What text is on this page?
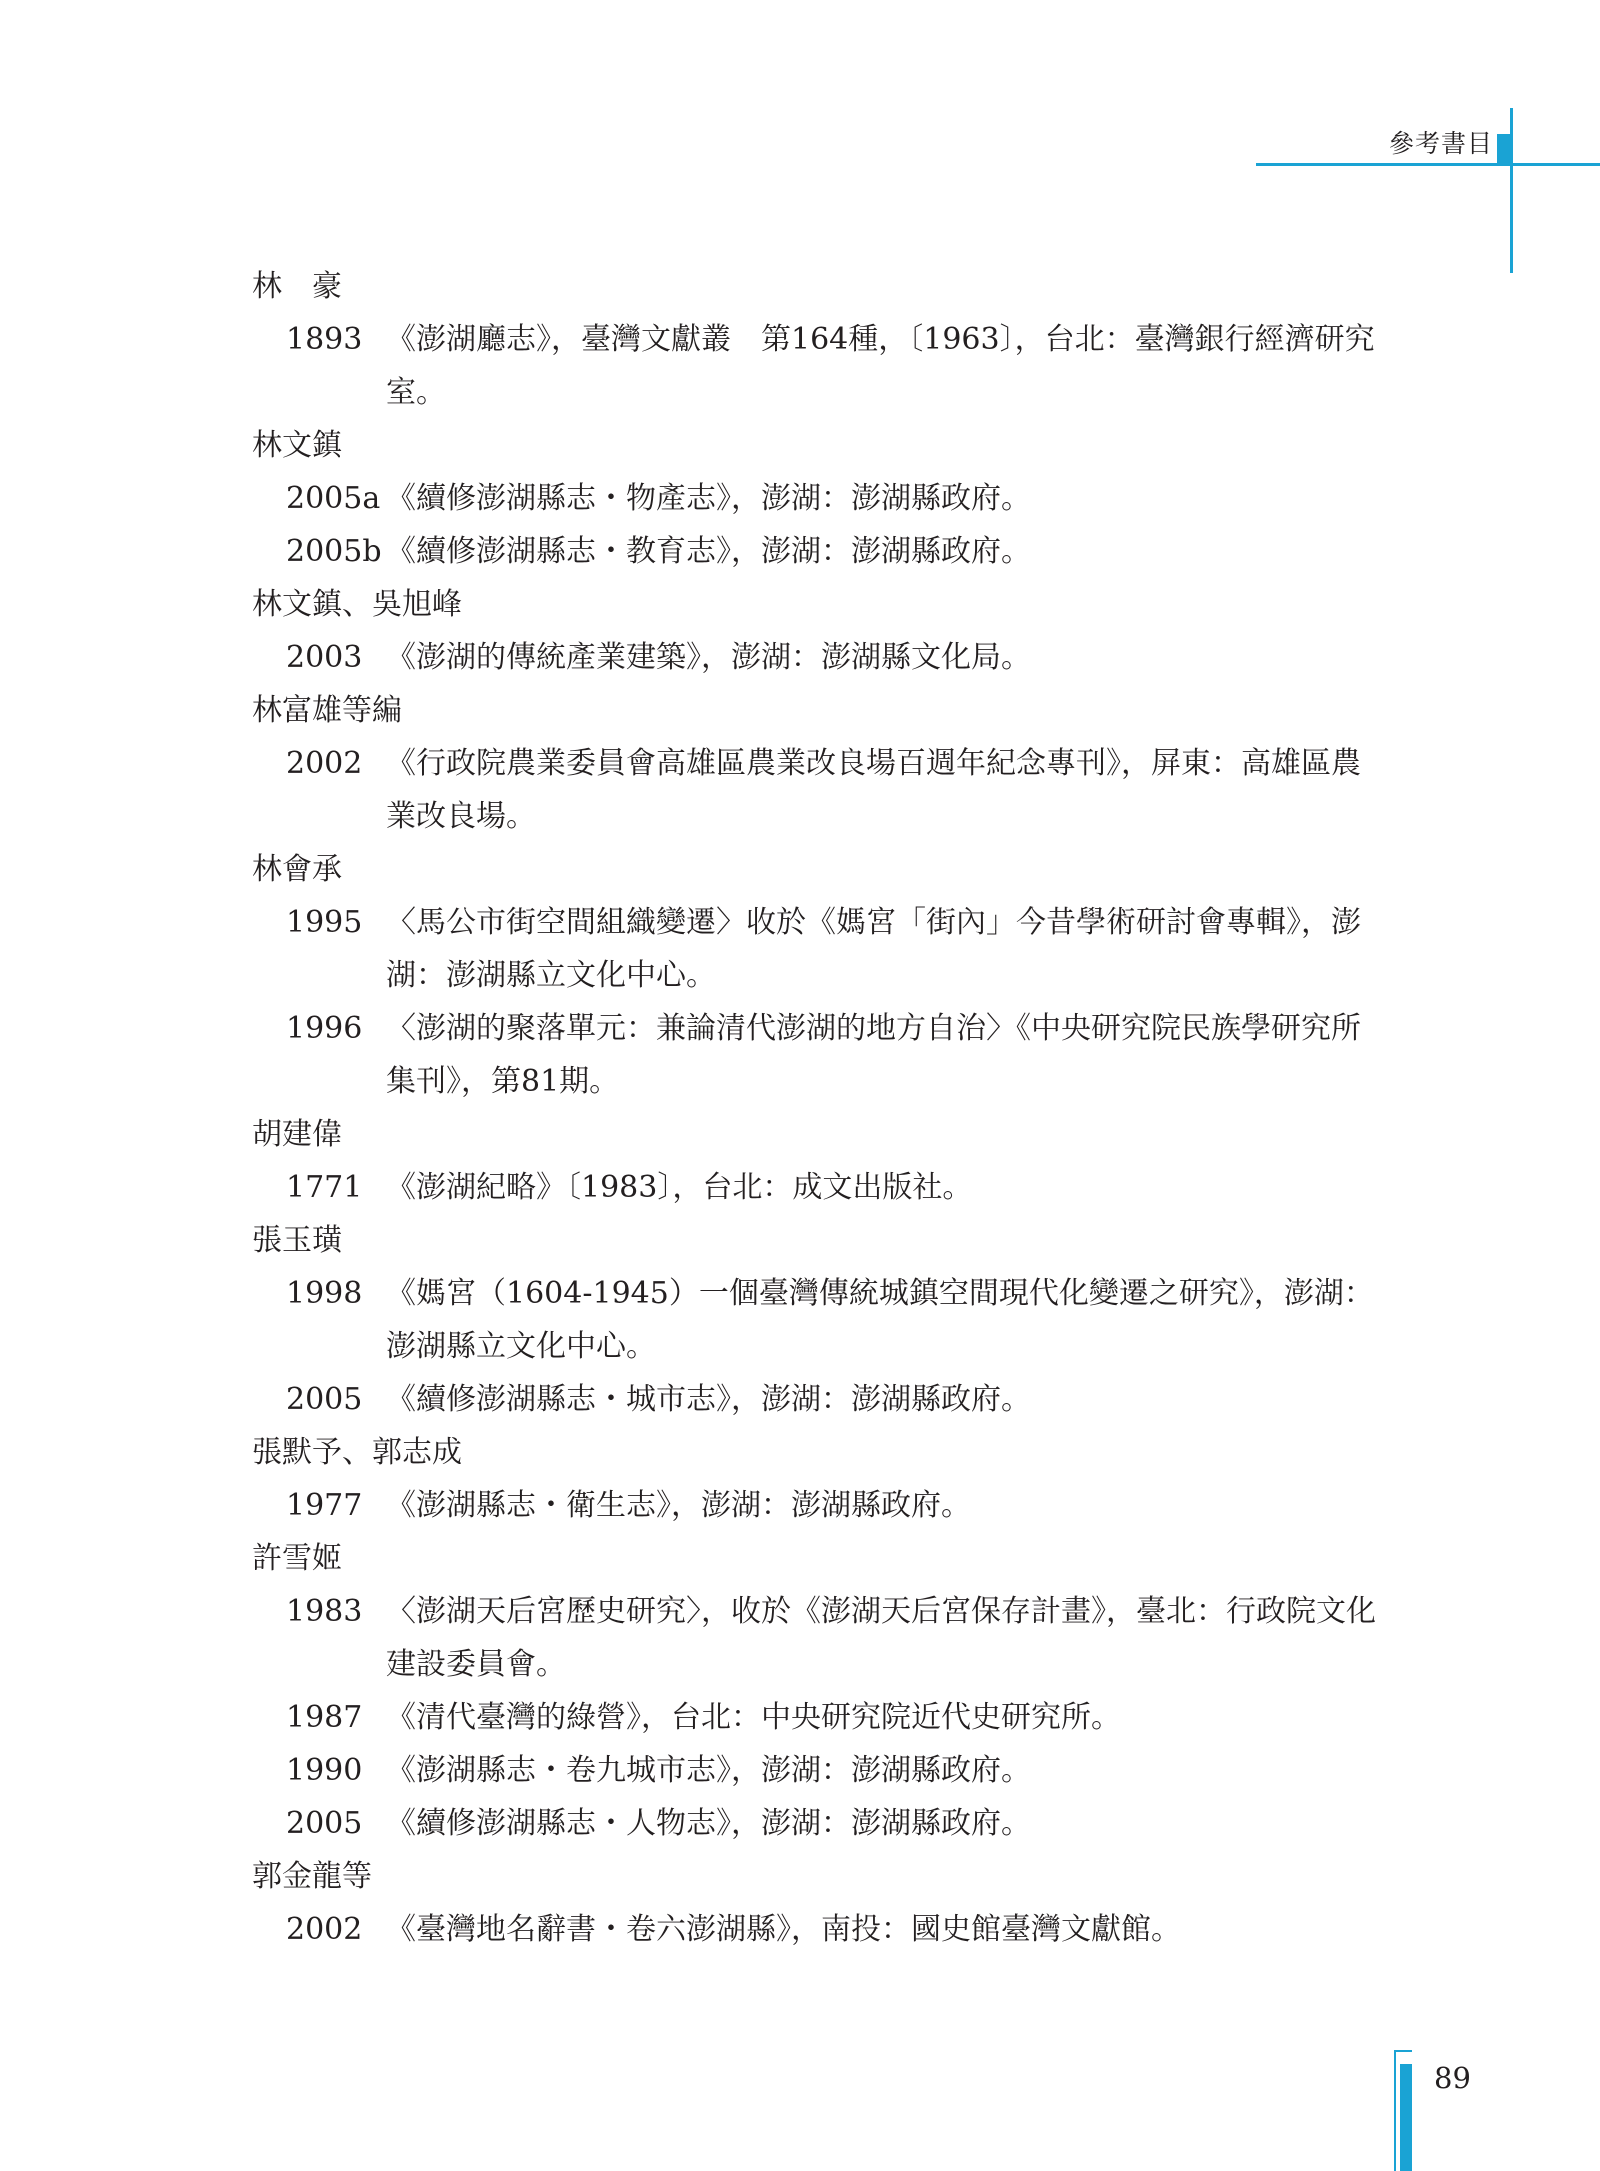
參考書目
林　豪
1893 《澎湖廳志》，臺灣文獻叢　第164種，〔1963〕，台北：臺灣銀行經濟研究室。
林文鎮
2005a 《續修澎湖縣志・物產志》，澎湖：澎湖縣政府。
2005b 《續修澎湖縣志・教育志》，澎湖：澎湖縣政府。
林文鎮、吳旭峰
2003 《澎湖的傳統產業建築》，澎湖：澎湖縣文化局。
林富雄等編
2002 《行政院農業委員會高雄區農業改良場百週年紀念專刊》，屏東：高雄區農業改良場。
林會承
1995 〈馬公市街空間組織變遷〉收於《媽宮「街內」今昔學術研討會專輯》，澎湖：澎湖縣立文化中心。
1996 〈澎湖的聚落單元：兼論清代澎湖的地方自治〉《中央研究院民族學研究所集刊》，第81期。
胡建偉
1771 《澎湖紀略》〔1983〕，台北：成文出版社。
張玉璜
1998 《媽宮（1604-1945）一個臺灣傳統城鎮空間現代化變遷之研究》，澎湖：澎湖縣立文化中心。
2005 《續修澎湖縣志・城市志》，澎湖：澎湖縣政府。
張默予、郭志成
1977 《澎湖縣志・衛生志》，澎湖：澎湖縣政府。
許雪姬
1983 〈澎湖天后宮歷史研究〉，收於《澎湖天后宮保存計畫》，臺北：行政院文化建設委員會。
1987 《清代臺灣的綠營》，台北：中央研究院近代史研究所。
1990 《澎湖縣志・卷九城市志》，澎湖：澎湖縣政府。
2005 《續修澎湖縣志・人物志》，澎湖：澎湖縣政府。
郭金龍等
2002 《臺灣地名辭書・卷六澎湖縣》，南投：國史館臺灣文獻館。
89
